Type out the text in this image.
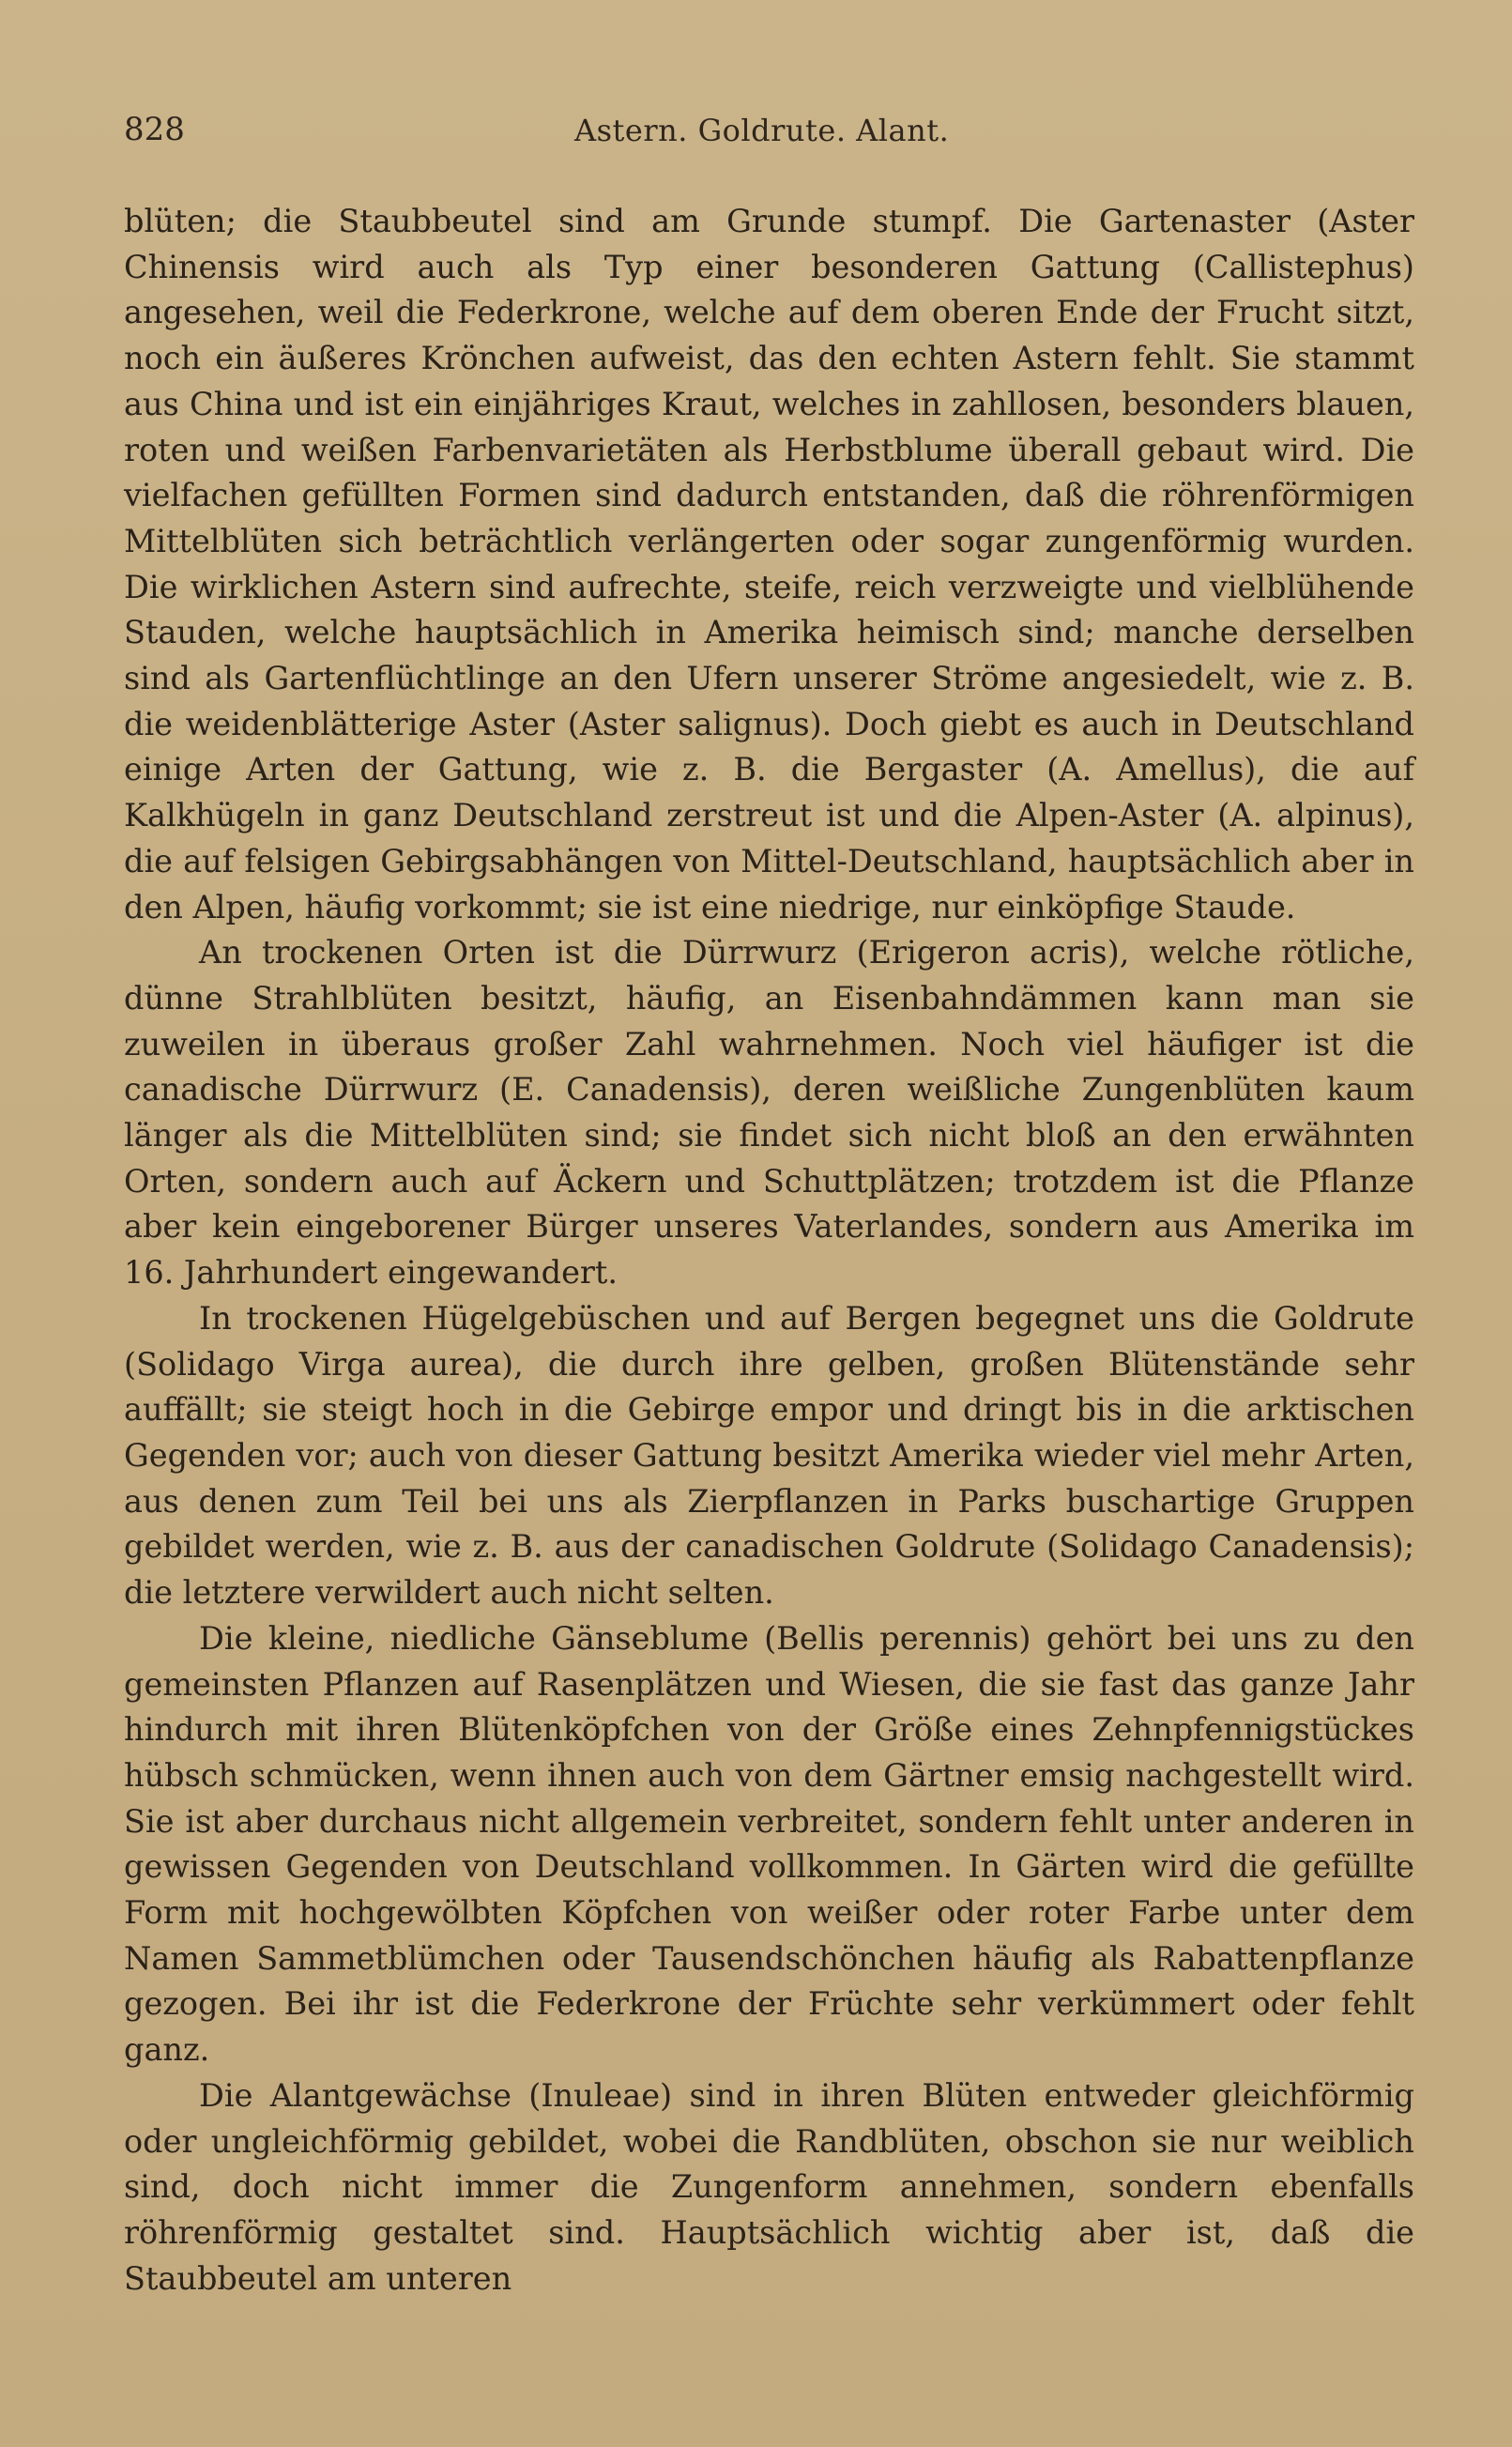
828	Astern. Goldrute. Alant.

blüten; die Staubbeutel sind am Grunde stumpf. Die Gartenaster (Aster Chinensis wird auch als Typ einer besonderen Gattung (Callistephus) angesehen, weil die Federkrone, welche auf dem oberen Ende der Frucht sitzt, noch ein äußeres Krönchen aufweist, das den echten Astern fehlt. Sie stammt aus China und ist ein einjähriges Kraut, welches in zahllosen, besonders blauen, roten und weißen Farbenvarietäten als Herbstblume überall gebaut wird. Die vielfachen gefüllten Formen sind dadurch entstanden, daß die röhrenförmigen Mittelblüten sich beträchtlich verlängerten oder sogar zungenförmig wurden. Die wirklichen Astern sind aufrechte, steife, reich verzweigte und vielblühende Stauden, welche hauptsächlich in Amerika heimisch sind; manche derselben sind als Gartenflüchtlinge an den Ufern unserer Ströme angesiedelt, wie z. B. die weidenblätterige Aster (Aster salignus). Doch giebt es auch in Deutschland einige Arten der Gattung, wie z. B. die Bergaster (A. Amellus), die auf Kalkhügeln in ganz Deutschland zerstreut ist und die Alpen-Aster (A. alpinus), die auf felsigen Gebirgsabhängen von Mittel-Deutschland, hauptsächlich aber in den Alpen, häufig vorkommt; sie ist eine niedrige, nur einköpfige Staude.

An trockenen Orten ist die Dürrwurz (Erigeron acris), welche rötliche, dünne Strahlblüten besitzt, häufig, an Eisenbahndämmen kann man sie zuweilen in überaus großer Zahl wahrnehmen. Noch viel häufiger ist die canadische Dürrwurz (E. Canadensis), deren weißliche Zungenblüten kaum länger als die Mittelblüten sind; sie findet sich nicht bloß an den erwähnten Orten, sondern auch auf Äckern und Schuttplätzen; trotzdem ist die Pflanze aber kein eingeborener Bürger unseres Vaterlandes, sondern aus Amerika im 16. Jahrhundert eingewandert.

In trockenen Hügelgebüschen und auf Bergen begegnet uns die Goldrute (Solidago Virga aurea), die durch ihre gelben, großen Blütenstände sehr auffällt; sie steigt hoch in die Gebirge empor und dringt bis in die arktischen Gegenden vor; auch von dieser Gattung besitzt Amerika wieder viel mehr Arten, aus denen zum Teil bei uns als Zierpflanzen in Parks buschartige Gruppen gebildet werden, wie z. B. aus der canadischen Goldrute (Solidago Canadensis); die letztere verwildert auch nicht selten.

Die kleine, niedliche Gänseblume (Bellis perennis) gehört bei uns zu den gemeinsten Pflanzen auf Rasenplätzen und Wiesen, die sie fast das ganze Jahr hindurch mit ihren Blütenköpfchen von der Größe eines Zehnpfennigstückes hübsch schmücken, wenn ihnen auch von dem Gärtner emsig nachgestellt wird. Sie ist aber durchaus nicht allgemein verbreitet, sondern fehlt unter anderen in gewissen Gegenden von Deutschland vollkommen. In Gärten wird die gefüllte Form mit hochgewölbten Köpfchen von weißer oder roter Farbe unter dem Namen Sammetblümchen oder Tausendschönchen häufig als Rabattenpflanze gezogen. Bei ihr ist die Federkrone der Früchte sehr verkümmert oder fehlt ganz.

Die Alantgewächse (Inuleae) sind in ihren Blüten entweder gleichförmig oder ungleichförmig gebildet, wobei die Randblüten, obschon sie nur weiblich sind, doch nicht immer die Zungenform annehmen, sondern ebenfalls röhrenförmig gestaltet sind. Hauptsächlich wichtig aber ist, daß die Staubbeutel am unteren
